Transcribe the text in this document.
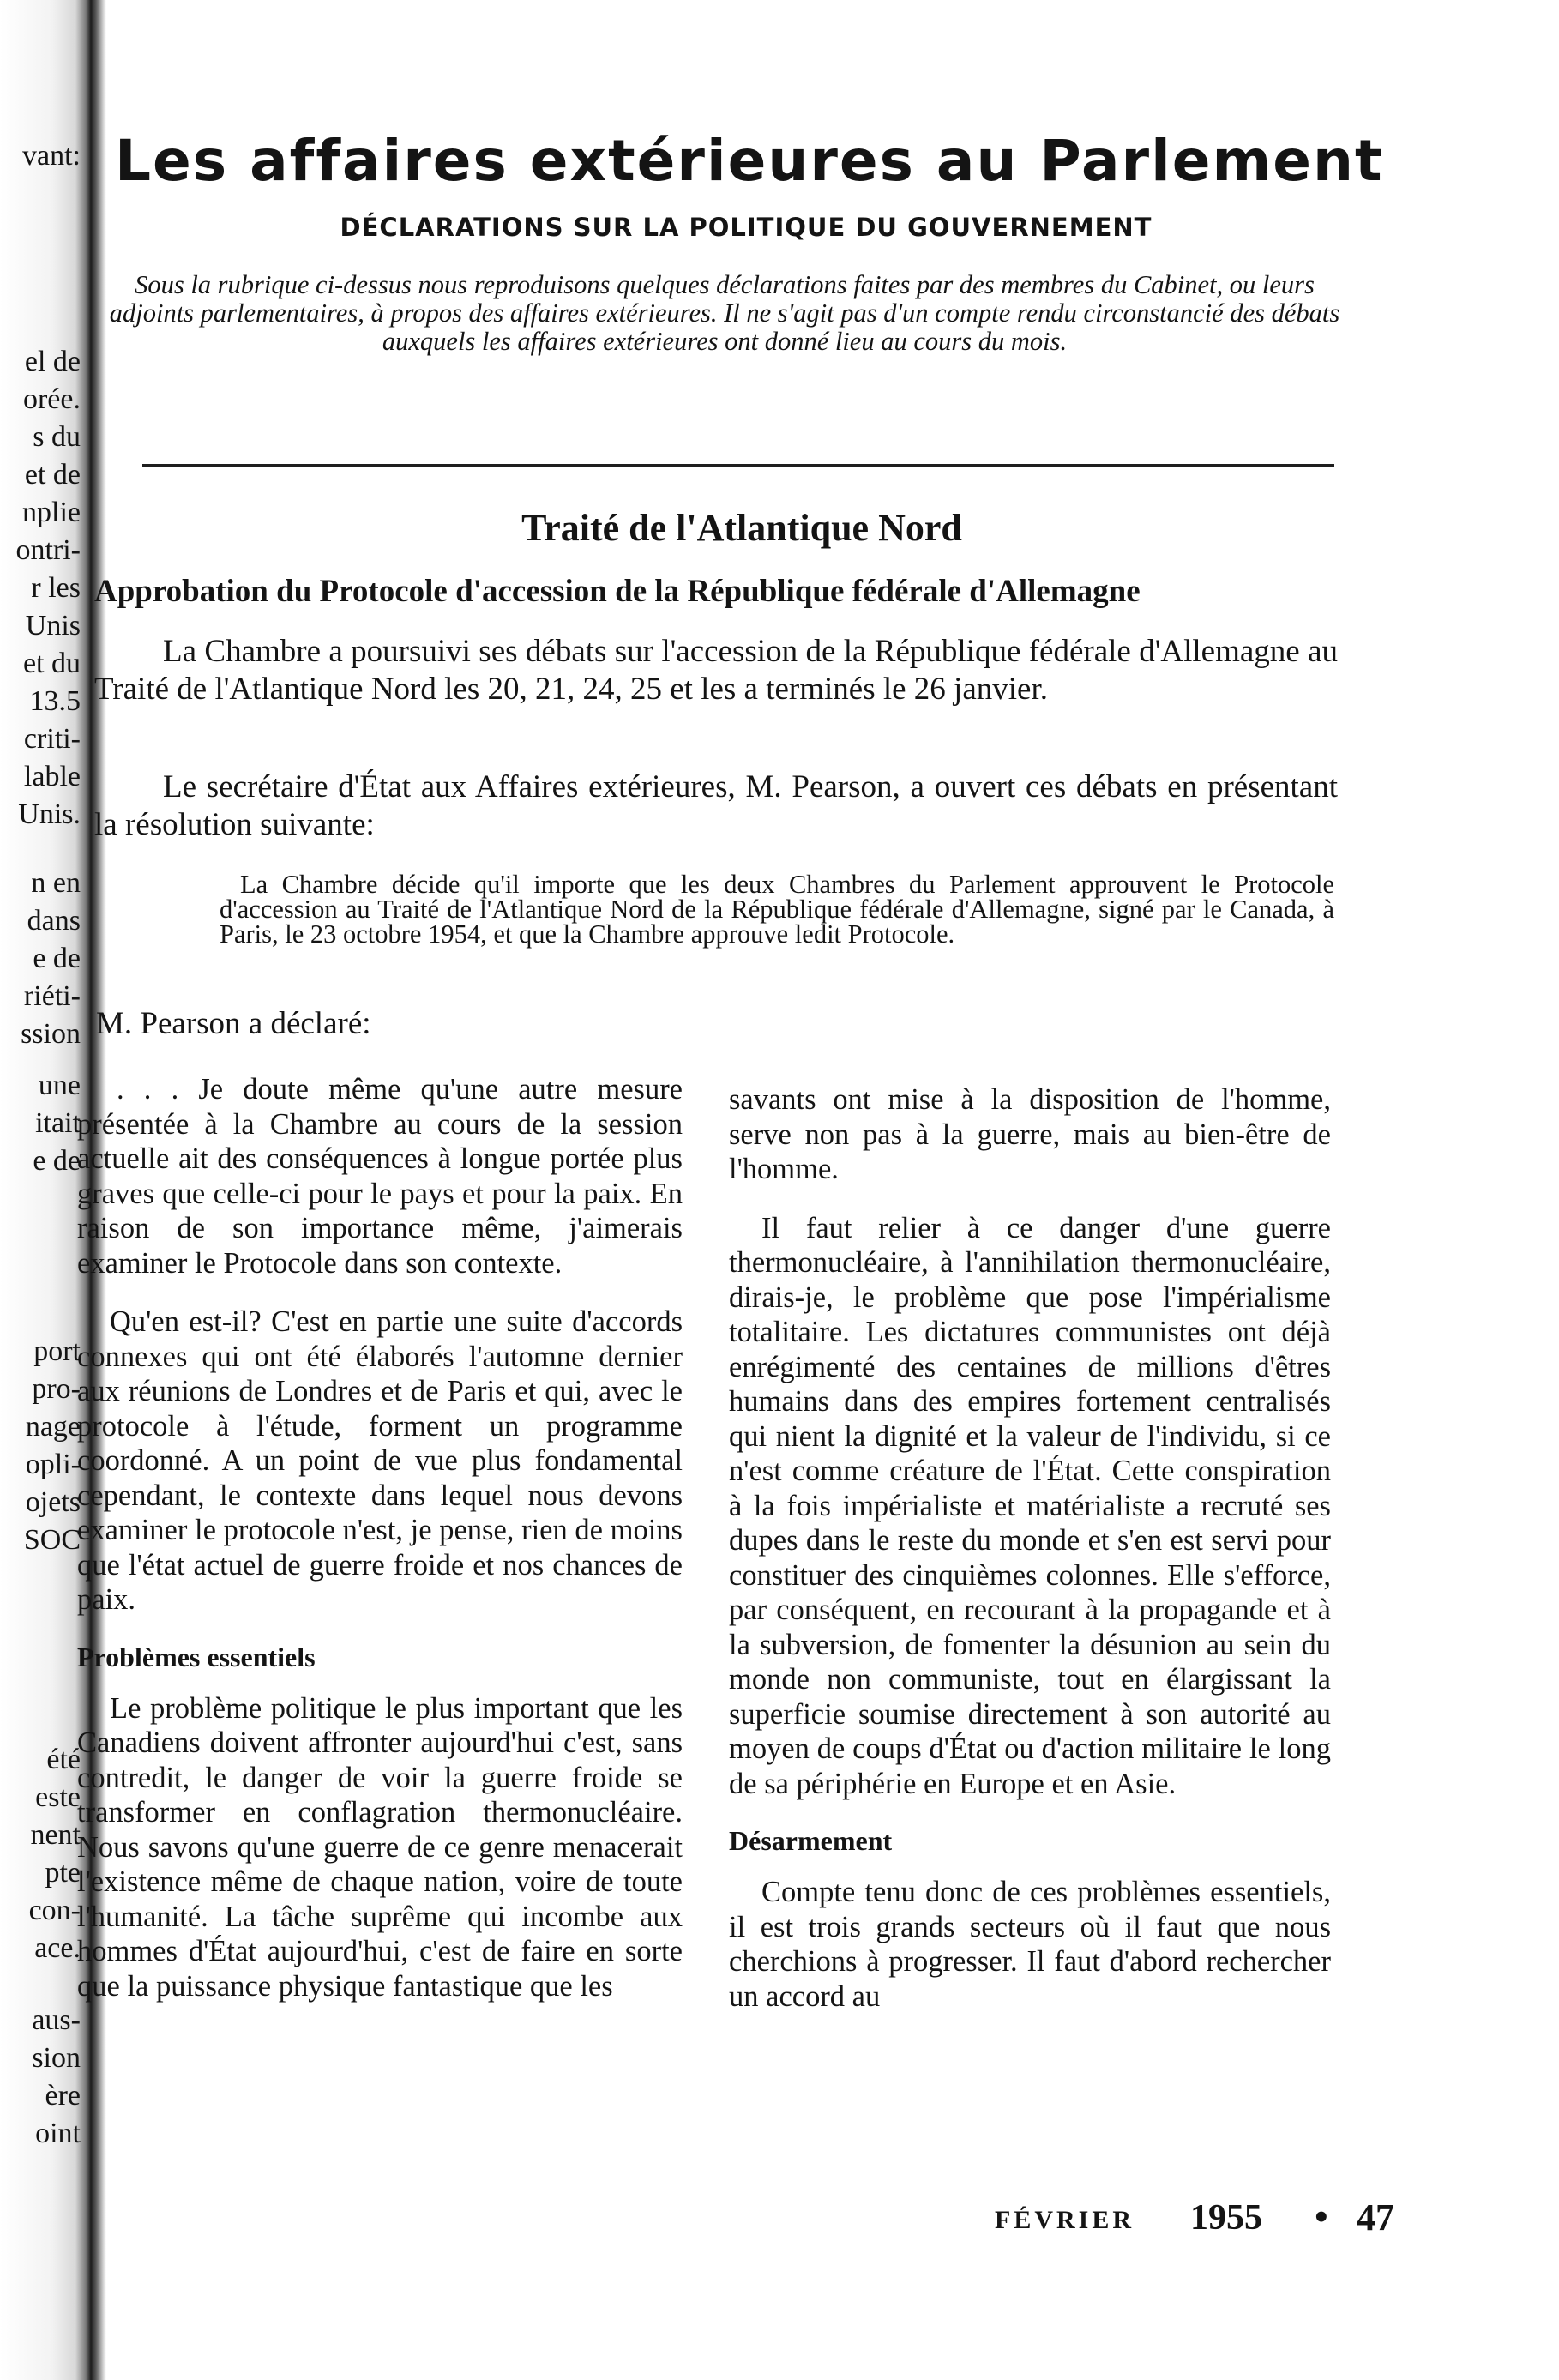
vant:
el de
orée.
s du
et de
nplie
ontri-
r les
Unis
et du
13.5
criti-
lable
Unis.
n en
dans
e de
riéti-
ssion
une
itait
e de
port
pro-
nage
opli-
ojets
SOC
été
este
nent
pte
con-
ace.
aus-
sion
ère
oint
Les affaires extérieures au Parlement
DÉCLARATIONS SUR LA POLITIQUE DU GOUVERNEMENT
Sous la rubrique ci-dessus nous reproduisons quelques déclarations faites par des membres du Cabinet, ou leurs adjoints parlementaires, à propos des affaires extérieures. Il ne s'agit pas d'un compte rendu circonstancié des débats auxquels les affaires extérieures ont donné lieu au cours du mois.
Traité de l'Atlantique Nord
Approbation du Protocole d'accession de la République fédérale d'Allemagne
La Chambre a poursuivi ses débats sur l'accession de la République fédérale d'Allemagne au Traité de l'Atlantique Nord les 20, 21, 24, 25 et les a terminés le 26 janvier.
Le secrétaire d'État aux Affaires extérieures, M. Pearson, a ouvert ces débats en présentant la résolution suivante:
La Chambre décide qu'il importe que les deux Chambres du Parlement approuvent le Protocole d'accession au Traité de l'Atlantique Nord de la République fédérale d'Allemagne, signé par le Canada, à Paris, le 23 octobre 1954, et que la Chambre approuve ledit Protocole.
M. Pearson a déclaré:

. . . Je doute même qu'une autre mesure présentée à la Chambre au cours de la session actuelle ait des conséquences à longue portée plus graves que celle-ci pour le pays et pour la paix. En raison de son importance même, j'aimerais examiner le Protocole dans son contexte.

Qu'en est-il? C'est en partie une suite d'accords connexes qui ont été élaborés l'automne dernier aux réunions de Londres et de Paris et qui, avec le protocole à l'étude, forment un programme coordonné. A un point de vue plus fondamental cependant, le contexte dans lequel nous devons examiner le protocole n'est, je pense, rien de moins que l'état actuel de guerre froide et nos chances de paix.

Problèmes essentiels

Le problème politique le plus important que les Canadiens doivent affronter aujourd'hui c'est, sans contredit, le danger de voir la guerre froide se transformer en conflagration thermonucléaire. Nous savons qu'une guerre de ce genre menacerait l'existence même de chaque nation, voire de toute l'humanité. La tâche suprême qui incombe aux hommes d'État aujourd'hui, c'est de faire en sorte que la puissance physique fantastique que les

savants ont mise à la disposition de l'homme, serve non pas à la guerre, mais au bien-être de l'homme.

Il faut relier à ce danger d'une guerre thermonucléaire, à l'annihilation thermonucléaire, dirais-je, le problème que pose l'impérialisme totalitaire. Les dictatures communistes ont déjà enrégimenté des centaines de millions d'êtres humains dans des empires fortement centralisés qui nient la dignité et la valeur de l'individu, si ce n'est comme créature de l'État. Cette conspiration à la fois impérialiste et matérialiste a recruté ses dupes dans le reste du monde et s'en est servi pour constituer des cinquièmes colonnes. Elle s'efforce, par conséquent, en recourant à la propagande et à la subversion, de fomenter la désunion au sein du monde non communiste, tout en élargissant la superficie soumise directement à son autorité au moyen de coups d'État ou d'action militaire le long de sa périphérie en Europe et en Asie.

Désarmement

Compte tenu donc de ces problèmes essentiels, il est trois grands secteurs où il faut que nous cherchions à progresser. Il faut d'abord rechercher un accord au

FÉVRIER 1955 • 47
